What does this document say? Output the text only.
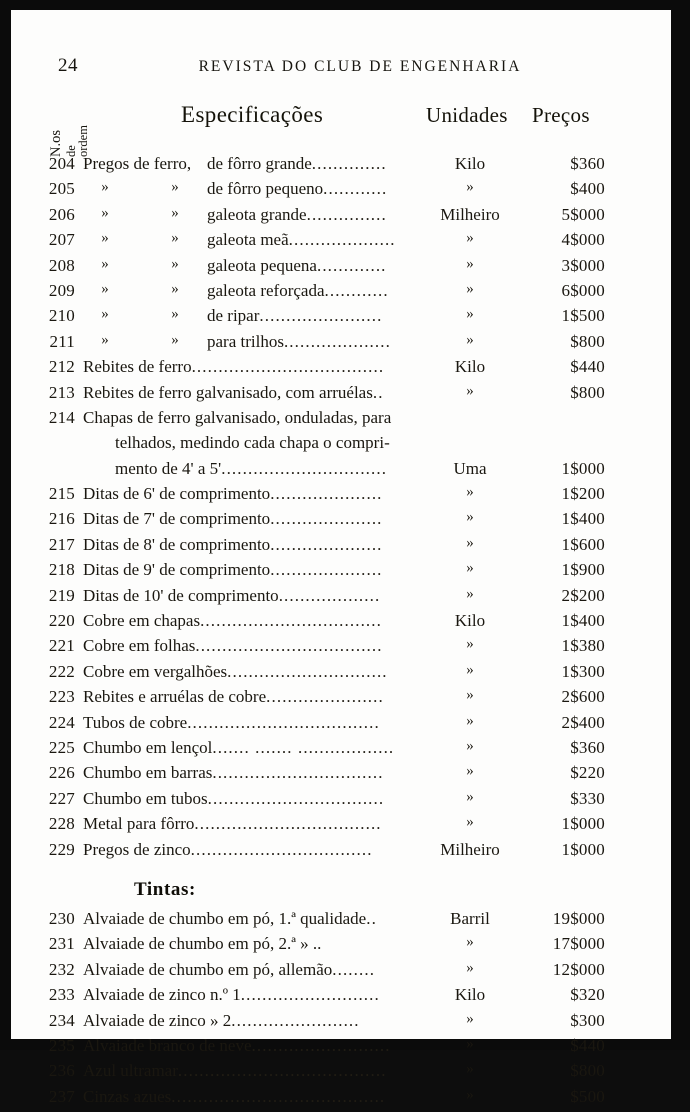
24	REVISTA DO CLUB DE ENGENHARIA
N.os de
ordem
Especificações	Unidades Preços
204 Pregos de ferro, de fôrro grande..............	Kilo	$360
205	»	»	de fôrro pequeno............	»	$400
206	»	»	galeota grande...............	Milheiro	5$000
207	»	»	galeota meã....................	»	4$000
208	»	»	galeota pequena.............	»	3$000
209	»	»	galeota reforçada............	»	6$000
210	»	»	de ripar.......................	»	1$500
211	»	»	para trilhos....................	»	$800
212 Rebites de ferro....................................	Kilo	$440
213 Rebites de ferro galvanisado, com arruélas..	»	$800
214 Chapas de ferro galvanisado, onduladas, para
telhados, medindo cada chapa o compri-
mento de 4' a 5'...............................	Uma	1$000
215 Ditas de 6' de comprimento.....................	»	1$200
216 Ditas de 7' de comprimento.....................	»	1$400
217 Ditas de 8' de comprimento.....................	»	1$600
218 Ditas de 9' de comprimento.....................	»	1$900
219 Ditas de 10' de comprimento...................	»	2$200
220 Cobre em chapas..................................	Kilo	1$400
221 Cobre em folhas...................................	»	1$380
222 Cobre em vergalhões..............................	»	1$300
223 Rebites e arruélas de cobre......................	»	2$600
224 Tubos de cobre....................................	»	2$400
225 Chumbo em lençol....... ....... ..................	»	$360
226 Chumbo em barras................................	»	$220
227 Chumbo em tubos.................................	»	$330
228 Metal para fôrro...................................	»	1$000
229 Pregos de zinco..................................	Milheiro	1$000
Tintas:
230 Alvaiade de chumbo em pó, 1.ª qualidade..	Barril	19$000
231 Alvaiade de chumbo em pó, 2.ª » ..	»	17$000
232 Alvaiade de chumbo em pó, allemão........	»	12$000
233 Alvaiade de zinco n.º 1..........................	Kilo	$320
234 Alvaiade de zinco » 2........................	»	$300
235 Alvaiade branco de neve..........................	»	$440
236 Azul ultramar.......................................	»	$800
237 Cinzas azues........................................	»	$500
